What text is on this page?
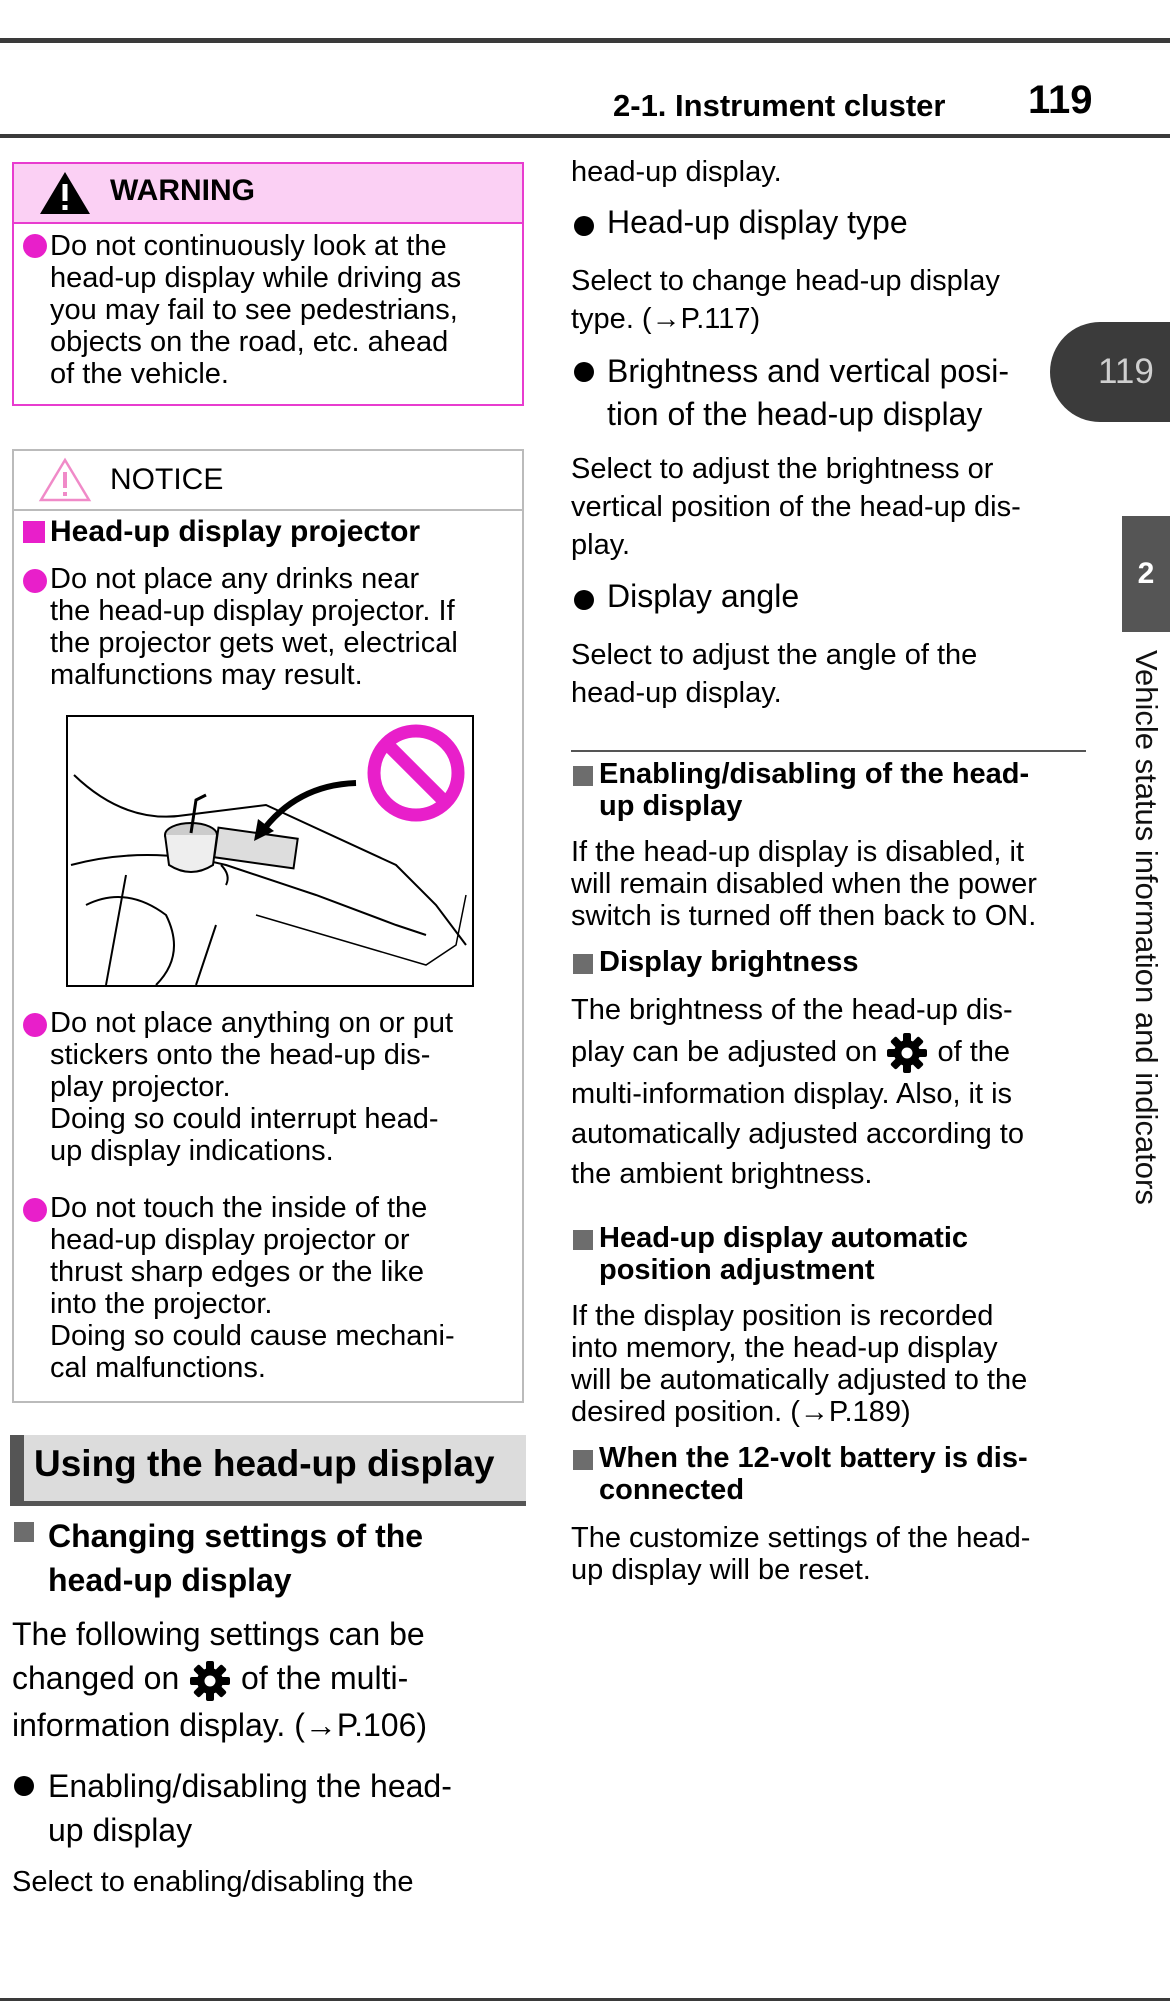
2-1. Instrument cluster 119
119
2
Vehicle status information and indicators
WARNING
Do not continuously look at the
head-up display while driving as
you may fail to see pedestrians,
objects on the road, etc. ahead
of the vehicle.
NOTICE
Head-up display projector
Do not place any drinks near
the head-up display projector. If
the projector gets wet, electrical
malfunctions may result.
Do not place anything on or put
stickers onto the head-up dis-
play projector.
Doing so could interrupt head-
up display indications.
Do not touch the inside of the
head-up display projector or
thrust sharp edges or the like
into the projector.
Doing so could cause mechani-
cal malfunctions.
Using the head-up display
Changing settings of the
head-up display
The following settings can be
changed on of the multi-
information display. (→P.106)
Enabling/disabling the head-
up display
Select to enabling/disabling the
head-up display.
Head-up display type
Select to change head-up display
type. (→P.117)
Brightness and vertical posi-
tion of the head-up display
Select to adjust the brightness or
vertical position of the head-up dis-
play.
Display angle
Select to adjust the angle of the
head-up display.
Enabling/disabling of the head-
up display
If the head-up display is disabled, it
will remain disabled when the power
switch is turned off then back to ON.
Display brightness
The brightness of the head-up dis-
play can be adjusted on of the
multi-information display. Also, it is
automatically adjusted according to
the ambient brightness.
Head-up display automatic
position adjustment
If the display position is recorded
into memory, the head-up display
will be automatically adjusted to the
desired position. (→P.189)
When the 12-volt battery is dis-
connected
The customize settings of the head-
up display will be reset.
